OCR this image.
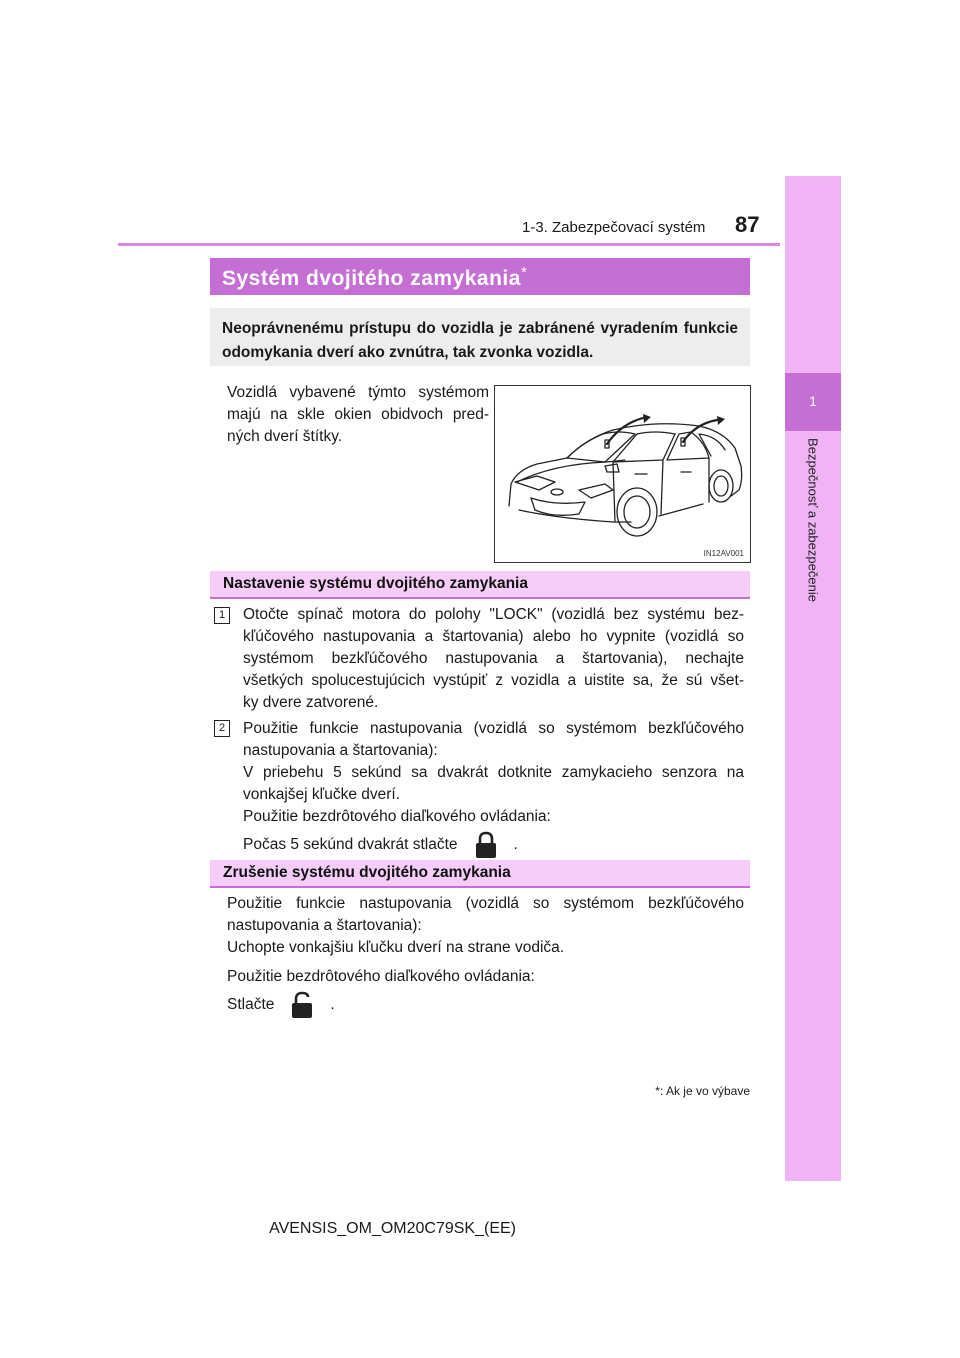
1-3. Zabezpečovací systém 87
1
Bezpečnosť a zabezpečenie
Systém dvojitého zamykania*

Neoprávnenému prístupu do vozidla je zabránené vyradením funkcie odomykania dverí ako zvnútra, tak zvonka vozidla.

Vozidlá vybavené týmto systémom
majú na skle okien obidvoch pred-
ných dverí štítky.
IN12AV001
Nastavenie systému dvojitého zamykania
1	Otočte spínač motora do polohy "LOCK" (vozidlá bez systému bez-
kľúčového nastupovania a štartovania) alebo ho vypnite (vozidlá so
systémom bezkľúčového nastupovania a štartovania), nechajte
všetkých spolucestujúcich vystúpiť z vozidla a uistite sa, že sú všet-
ky dvere zatvorené.
2	Použitie funkcie nastupovania (vozidlá so systémom bezkľúčového
nastupovania a štartovania):
V priebehu 5 sekúnd sa dvakrát dotknite zamykacieho senzora na
vonkajšej kľučke dverí.
Použitie bezdrôtového diaľkového ovládania:
Počas 5 sekúnd dvakrát stlačte	.
Zrušenie systému dvojitého zamykania
Použitie funkcie nastupovania (vozidlá so systémom bezkľúčového
nastupovania a štartovania):
Uchopte vonkajšiu kľučku dverí na strane vodiča.
Použitie bezdrôtového diaľkového ovládania:
Stlačte	.
*: Ak je vo výbave
AVENSIS_OM_OM20C79SK_(EE)
